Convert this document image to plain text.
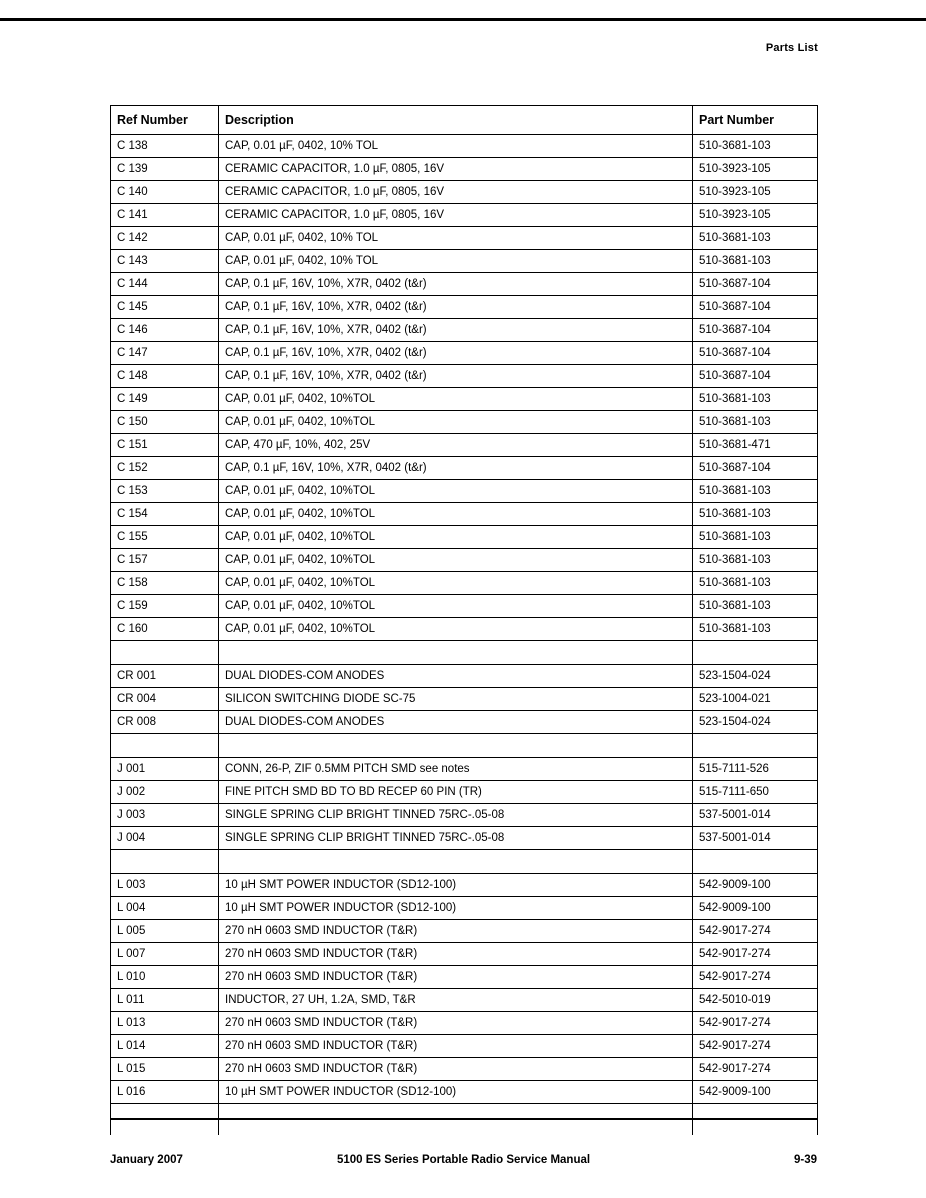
Parts List
Ref Number	Description	Part Number
C 138	CAP, 0.01 µF, 0402, 10% TOL	510-3681-103
C 139	CERAMIC CAPACITOR, 1.0 µF, 0805, 16V	510-3923-105
C 140	CERAMIC CAPACITOR, 1.0 µF, 0805, 16V	510-3923-105
C 141	CERAMIC CAPACITOR, 1.0 µF, 0805, 16V	510-3923-105
C 142	CAP, 0.01 µF, 0402, 10% TOL	510-3681-103
C 143	CAP, 0.01 µF, 0402, 10% TOL	510-3681-103
C 144	CAP, 0.1 µF, 16V, 10%, X7R, 0402 (t&r)	510-3687-104
C 145	CAP, 0.1 µF, 16V, 10%, X7R, 0402 (t&r)	510-3687-104
C 146	CAP, 0.1 µF, 16V, 10%, X7R, 0402 (t&r)	510-3687-104
C 147	CAP, 0.1 µF, 16V, 10%, X7R, 0402 (t&r)	510-3687-104
C 148	CAP, 0.1 µF, 16V, 10%, X7R, 0402 (t&r)	510-3687-104
C 149	CAP, 0.01 µF, 0402, 10%TOL	510-3681-103
C 150	CAP, 0.01 µF, 0402, 10%TOL	510-3681-103
C 151	CAP, 470 µF, 10%, 402, 25V	510-3681-471
C 152	CAP, 0.1 µF, 16V, 10%, X7R, 0402 (t&r)	510-3687-104
C 153	CAP, 0.01 µF, 0402, 10%TOL	510-3681-103
C 154	CAP, 0.01 µF, 0402, 10%TOL	510-3681-103
C 155	CAP, 0.01 µF, 0402, 10%TOL	510-3681-103
C 157	CAP, 0.01 µF, 0402, 10%TOL	510-3681-103
C 158	CAP, 0.01 µF, 0402, 10%TOL	510-3681-103
C 159	CAP, 0.01 µF, 0402, 10%TOL	510-3681-103
C 160	CAP, 0.01 µF, 0402, 10%TOL	510-3681-103

CR 001	DUAL DIODES-COM ANODES	523-1504-024
CR 004	SILICON SWITCHING DIODE SC-75	523-1004-021
CR 008	DUAL DIODES-COM ANODES	523-1504-024

J 001	CONN, 26-P, ZIF 0.5MM PITCH SMD see notes	515-7111-526
J 002	FINE PITCH SMD BD TO BD RECEP 60 PIN (TR)	515-7111-650
J 003	SINGLE SPRING CLIP BRIGHT TINNED 75RC-.05-08	537-5001-014
J 004	SINGLE SPRING CLIP BRIGHT TINNED 75RC-.05-08	537-5001-014

L 003	10 µH SMT POWER INDUCTOR (SD12-100)	542-9009-100
L 004	10 µH SMT POWER INDUCTOR (SD12-100)	542-9009-100
L 005	270 nH 0603 SMD INDUCTOR (T&R)	542-9017-274
L 007	270 nH 0603 SMD INDUCTOR (T&R)	542-9017-274
L 010	270 nH 0603 SMD INDUCTOR (T&R)	542-9017-274
L 011	INDUCTOR, 27 UH, 1.2A, SMD, T&R	542-5010-019
L 013	270 nH 0603 SMD INDUCTOR (T&R)	542-9017-274
L 014	270 nH 0603 SMD INDUCTOR (T&R)	542-9017-274
L 015	270 nH 0603 SMD INDUCTOR (T&R)	542-9017-274
L 016	10 µH SMT POWER INDUCTOR (SD12-100)	542-9009-100

January 2007	5100 ES Series Portable Radio Service Manual	9-39
